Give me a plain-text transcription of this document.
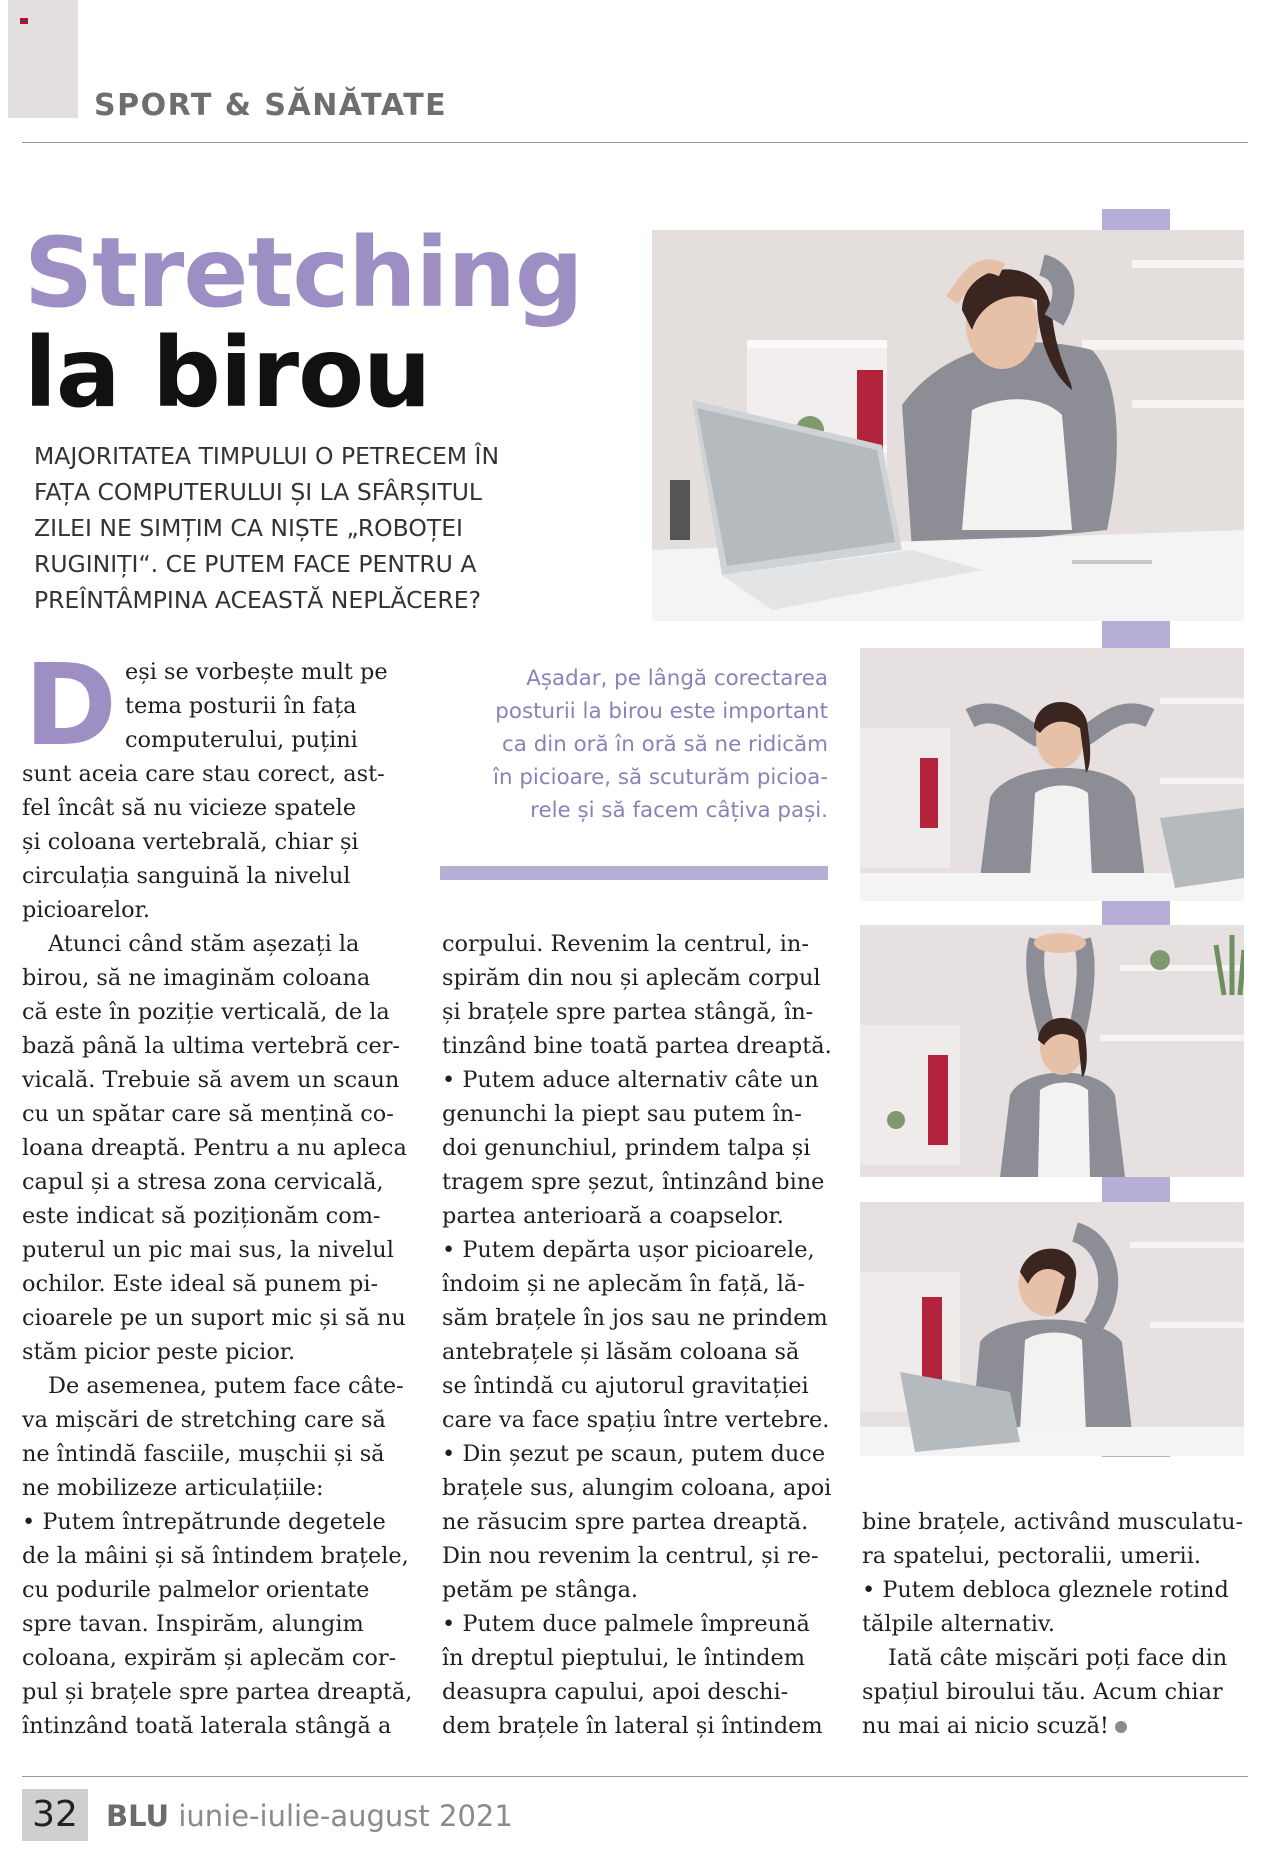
SPORT & SĂNĂTATE
Stretching
la birou
MAJORITATEA TIMPULUI O PETRECEM ÎN
FAȚA COMPUTERULUI ȘI LA SFÂRȘITUL
ZILEI NE SIMȚIM CA NIȘTE „ROBOȚEI
RUGINIȚI“. CE PUTEM FACE PENTRU A
PREÎNTÂMPINA ACEASTĂ NEPLĂCERE?

D eși se vorbește mult pe
tema posturii în fața
computerului, puțini
sunt aceia care stau corect, ast-
fel încât să nu vicieze spatele
și coloana vertebrală, chiar și
circulația sanguină la nivelul
picioarelor.

Atunci când stăm așezați la
birou, să ne imaginăm coloana
că este în poziție verticală, de la
bază până la ultima vertebră cer-
vicală. Trebuie să avem un scaun
cu un spătar care să mențină co-
loana dreaptă. Pentru a nu apleca
capul și a stresa zona cervicală,
este indicat să poziționăm com-
puterul un pic mai sus, la nivelul
ochilor. Este ideal să punem pi-
cioarele pe un suport mic și să nu
stăm picior peste picior.

De asemenea, putem face câte-
va mișcări de stretching care să
ne întindă fasciile, mușchii și să
ne mobilizeze articulațiile:
• Putem întrepătrunde degetele
de la mâini și să întindem brațele,
cu podurile palmelor orientate
spre tavan. Inspirăm, alungim
coloana, expirăm și aplecăm cor-
pul și brațele spre partea dreaptă,
întinzând toată laterala stângă a

Așadar, pe lângă corectarea
posturii la birou este important
ca din oră în oră să ne ridicăm
în picioare, să scuturăm picioa-
rele și să facem câțiva pași.

corpului. Revenim la centrul, in-
spirăm din nou și aplecăm corpul
și brațele spre partea stângă, în-
tinzând bine toată partea dreaptă.
• Putem aduce alternativ câte un
genunchi la piept sau putem în-
doi genunchiul, prindem talpa și
tragem spre șezut, întinzând bine
partea anterioară a coapselor.
• Putem depărta ușor picioarele,
îndoim și ne aplecăm în față, lă-
săm brațele în jos sau ne prindem
antebrațele și lăsăm coloana să
se întindă cu ajutorul gravitației
care va face spațiu între vertebre.
• Din șezut pe scaun, putem duce
brațele sus, alungim coloana, apoi
ne răsucim spre partea dreaptă.
Din nou revenim la centrul, și re-
petăm pe stânga.
• Putem duce palmele împreună
în dreptul pieptului, le întindem
deasupra capului, apoi deschi-
dem brațele în lateral și întindem

bine brațele, activând musculatu-
ra spatelui, pectoralii, umerii.
• Putem debloca gleznele rotind
tălpile alternativ.

Iată câte mișcări poți face din
spațiul biroului tău. Acum chiar
nu mai ai nicio scuză!

32 BLU iunie-iulie-august 2021
